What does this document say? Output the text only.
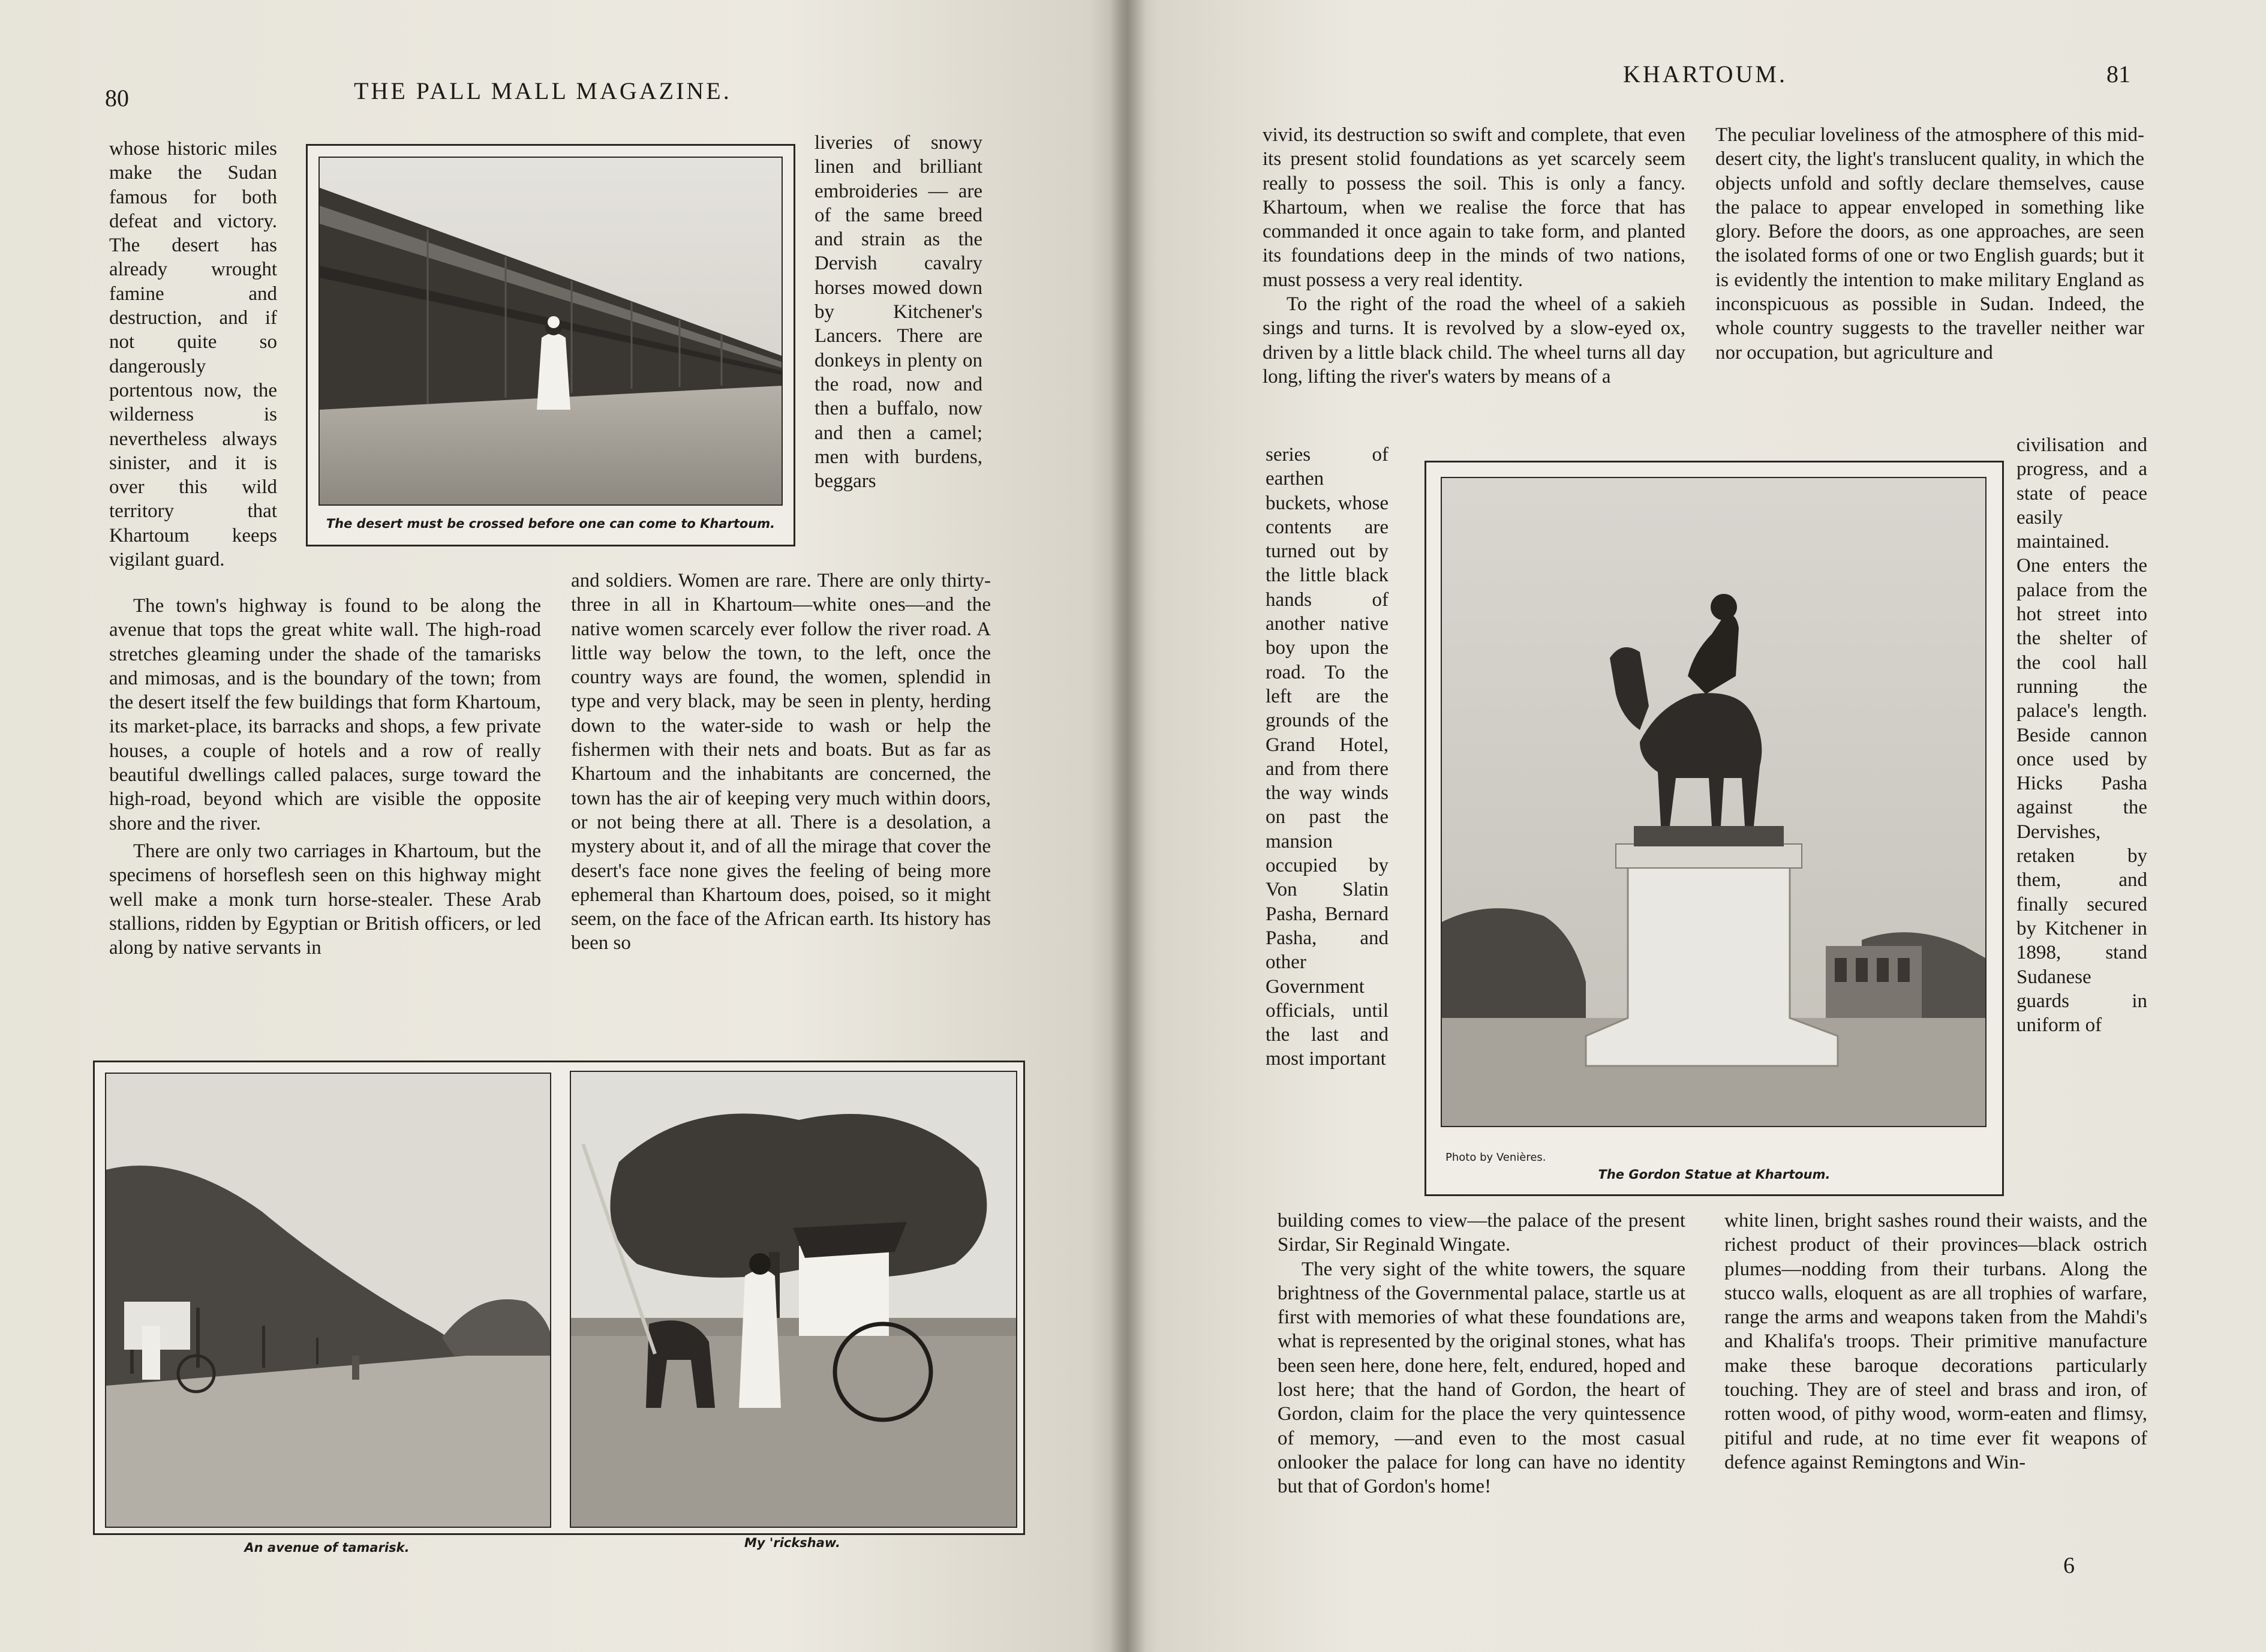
80	THE PALL MALL MAGAZINE.
whose historic miles make the Sudan famous for both defeat and victory. The desert has already wrought famine and destruction, and if not quite so dangerously portentous now, the wilderness is nevertheless always sinister, and it is over this wild territory that Khartoum keeps vigilant guard.
The desert must be crossed before one can come to Khartoum.
liveries of snowy linen and brilliant embroideries — are of the same breed and strain as the Dervish cavalry horses mowed down by Kitchener's Lancers. There are donkeys in plenty on the road, now and then a buffalo, now and then a camel; men with burdens, beggars

The town's highway is found to be along the avenue that tops the great white wall. The high-road stretches gleaming under the shade of the tamarisks and mimosas, and is the boundary of the town; from the desert itself the few buildings that form Khartoum, its market-place, its barracks and shops, a few private houses, a couple of hotels and a row of really beautiful dwellings called palaces, surge toward the high-road, beyond which are visible the opposite shore and the river.

There are only two carriages in Khartoum, but the specimens of horseflesh seen on this highway might well make a monk turn horse-stealer. These Arab stallions, ridden by Egyptian or British officers, or led along by native servants in

and soldiers. Women are rare. There are only thirty-three in all in Khartoum—white ones—and the native women scarcely ever follow the river road. A little way below the town, to the left, once the country ways are found, the women, splendid in type and very black, may be seen in plenty, herding down to the water-side to wash or help the fishermen with their nets and boats. But as far as Khartoum and the inhabitants are concerned, the town has the air of keeping very much within doors, or not being there at all. There is a desolation, a mystery about it, and of all the mirage that cover the desert's face none gives the feeling of being more ephemeral than Khartoum does, poised, so it might seem, on the face of the African earth. Its history has been so
An avenue of tamarisk.	My 'rickshaw.
KHARTOUM.	81

vivid, its destruction so swift and complete, that even its present stolid foundations as yet scarcely seem really to possess the soil. This is only a fancy. Khartoum, when we realise the force that has commanded it once again to take form, and planted its foundations deep in the minds of two nations, must possess a very real identity.

To the right of the road the wheel of a sakieh sings and turns. It is revolved by a slow-eyed ox, driven by a little black child. The wheel turns all day long, lifting the river's waters by means of a

series of earthen buckets, whose contents are turned out by the little black hands of another native boy upon the road. To the left are the grounds of the Grand Hotel, and from there the way winds on past the mansion occupied by Von Slatin Pasha, Bernard Pasha, and other Government officials, until the last and most important

building comes to view—the palace of the present Sirdar, Sir Reginald Wingate.

The very sight of the white towers, the square brightness of the Governmental palace, startle us at first with memories of what these foundations are, what is represented by the original stones, what has been seen here, done here, felt, endured, hoped and lost here; that the hand of Gordon, the heart of Gordon, claim for the place the very quintessence of memory, —and even to the most casual onlooker the palace for long can have no identity but that of Gordon's home!

The peculiar loveliness of the atmosphere of this mid-desert city, the light's translucent quality, in which the objects unfold and softly declare themselves, cause the palace to appear enveloped in something like glory. Before the doors, as one approaches, are seen the isolated forms of one or two English guards; but it is evidently the intention to make military England as inconspicuous as possible in Sudan. Indeed, the whole country suggests to the traveller neither war nor occupation, but agriculture and
civilisation and progress, and a state of peace easily maintained. One enters the palace from the hot street into the shelter of the cool hall running the palace's length. Beside cannon once used by Hicks Pasha against the Dervishes, retaken by them, and finally secured by Kitchener in 1898, stand Sudanese guards in uniform of
white linen, bright sashes round their waists, and the richest product of their provinces—black ostrich plumes—nodding from their turbans. Along the stucco walls, eloquent as are all trophies of warfare, range the arms and weapons taken from the Mahdi's and Khalifa's troops. Their primitive manufacture make these baroque decorations particularly touching. They are of steel and brass and iron, of rotten wood, of pithy wood, worm-eaten and flimsy, pitiful and rude, at no time ever fit weapons of defence against Remingtons and Win-
Photo by Venières.
The Gordon Statue at Khartoum.
6
